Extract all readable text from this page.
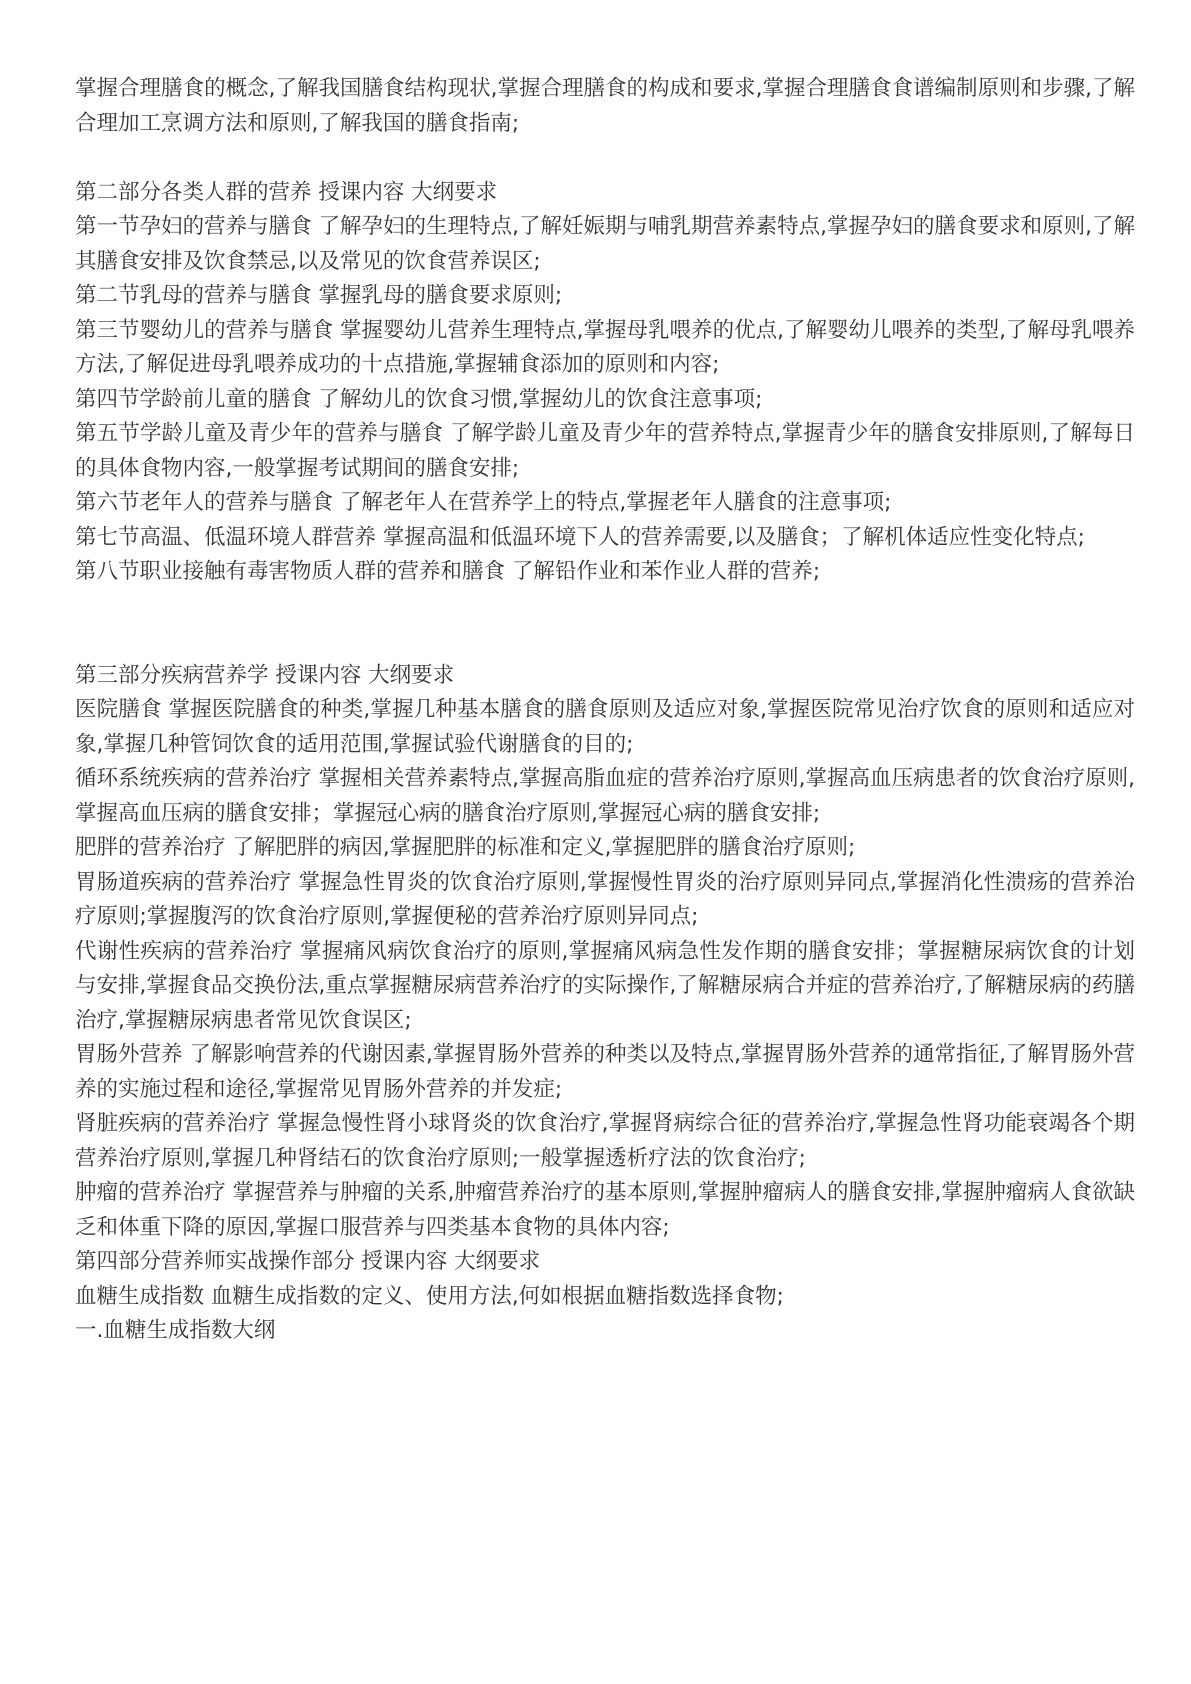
掌握合理膳食的概念,了解我国膳食结构现状,掌握合理膳食的构成和要求,掌握合理膳食食谱编制原则和步骤,了解合理加工烹调方法和原则,了解我国的膳食指南;

第二部分各类人群的营养 授课内容 大纲要求

第一节孕妇的营养与膳食 了解孕妇的生理特点,了解妊娠期与哺乳期营养素特点,掌握孕妇的膳食要求和原则,了解其膳食安排及饮食禁忌,以及常见的饮食营养误区;

第二节乳母的营养与膳食 掌握乳母的膳食要求原则;

第三节婴幼儿的营养与膳食 掌握婴幼儿营养生理特点,掌握母乳喂养的优点,了解婴幼儿喂养的类型,了解母乳喂养方法,了解促进母乳喂养成功的十点措施,掌握辅食添加的原则和内容;

第四节学龄前儿童的膳食 了解幼儿的饮食习惯,掌握幼儿的饮食注意事项;

第五节学龄儿童及青少年的营养与膳食 了解学龄儿童及青少年的营养特点,掌握青少年的膳食安排原则,了解每日的具体食物内容,一般掌握考试期间的膳食安排;

第六节老年人的营养与膳食 了解老年人在营养学上的特点,掌握老年人膳食的注意事项;

第七节高温、低温环境人群营养 掌握高温和低温环境下人的营养需要,以及膳食；了解机体适应性变化特点;

第八节职业接触有毒害物质人群的营养和膳食 了解铅作业和苯作业人群的营养;

第三部分疾病营养学 授课内容 大纲要求

医院膳食 掌握医院膳食的种类,掌握几种基本膳食的膳食原则及适应对象,掌握医院常见治疗饮食的原则和适应对象,掌握几种管饲饮食的适用范围,掌握试验代谢膳食的目的;

循环系统疾病的营养治疗 掌握相关营养素特点,掌握高脂血症的营养治疗原则,掌握高血压病患者的饮食治疗原则,掌握高血压病的膳食安排；掌握冠心病的膳食治疗原则,掌握冠心病的膳食安排;

肥胖的营养治疗 了解肥胖的病因,掌握肥胖的标准和定义,掌握肥胖的膳食治疗原则;

胃肠道疾病的营养治疗 掌握急性胃炎的饮食治疗原则,掌握慢性胃炎的治疗原则异同点,掌握消化性溃疡的营养治疗原则;掌握腹泻的饮食治疗原则,掌握便秘的营养治疗原则异同点;

代谢性疾病的营养治疗 掌握痛风病饮食治疗的原则,掌握痛风病急性发作期的膳食安排；掌握糖尿病饮食的计划与安排,掌握食品交换份法,重点掌握糖尿病营养治疗的实际操作,了解糖尿病合并症的营养治疗,了解糖尿病的药膳治疗,掌握糖尿病患者常见饮食误区;

胃肠外营养 了解影响营养的代谢因素,掌握胃肠外营养的种类以及特点,掌握胃肠外营养的通常指征,了解胃肠外营养的实施过程和途径,掌握常见胃肠外营养的并发症;

肾脏疾病的营养治疗 掌握急慢性肾小球肾炎的饮食治疗,掌握肾病综合征的营养治疗,掌握急性肾功能衰竭各个期营养治疗原则,掌握几种肾结石的饮食治疗原则;一般掌握透析疗法的饮食治疗;

肿瘤的营养治疗 掌握营养与肿瘤的关系,肿瘤营养治疗的基本原则,掌握肿瘤病人的膳食安排,掌握肿瘤病人食欲缺乏和体重下降的原因,掌握口服营养与四类基本食物的具体内容;

第四部分营养师实战操作部分 授课内容 大纲要求

血糖生成指数 血糖生成指数的定义、使用方法,何如根据血糖指数选择食物;

一.血糖生成指数大纲
